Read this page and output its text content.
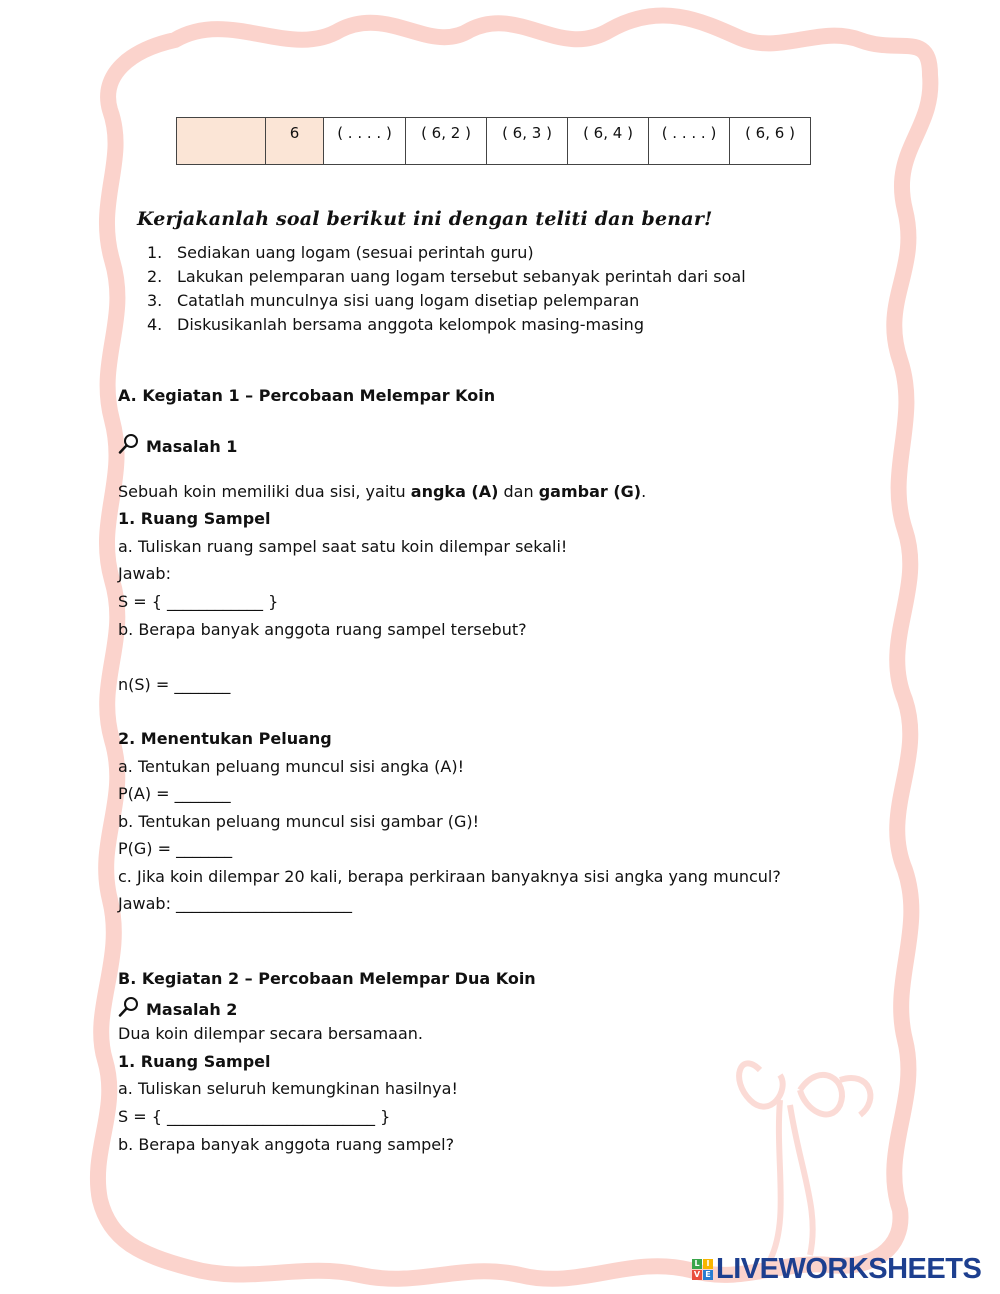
	6	( . . . . )	( 6, 2 )	( 6, 3 )	( 6, 4 )	( . . . . )	( 6, 6 )
Kerjakanlah soal berikut ini dengan teliti dan benar!
1. Sediakan uang logam (sesuai perintah guru)
2. Lakukan pelemparan uang logam tersebut sebanyak perintah dari soal
3. Catatlah munculnya sisi uang logam disetiap pelemparan
4. Diskusikanlah bersama anggota kelompok masing-masing
A. Kegiatan 1 – Percobaan Melempar Koin
Masalah 1
Sebuah koin memiliki dua sisi, yaitu angka (A) dan gambar (G).
1. Ruang Sampel
a. Tuliskan ruang sampel saat satu koin dilempar sekali!
Jawab:
S = { ____________ }
b. Berapa banyak anggota ruang sampel tersebut?
n(S) = _______
2. Menentukan Peluang
a. Tentukan peluang muncul sisi angka (A)!
P(A) = _______
b. Tentukan peluang muncul sisi gambar (G)!
P(G) = _______
c. Jika koin dilempar 20 kali, berapa perkiraan banyaknya sisi angka yang muncul?
Jawab: ______________________
B. Kegiatan 2 – Percobaan Melempar Dua Koin
Masalah 2
Dua koin dilempar secara bersamaan.
1. Ruang Sampel
a. Tuliskan seluruh kemungkinan hasilnya!
S = { __________________________ }
b. Berapa banyak anggota ruang sampel?
L I
V E LIVEWORKSHEETS
